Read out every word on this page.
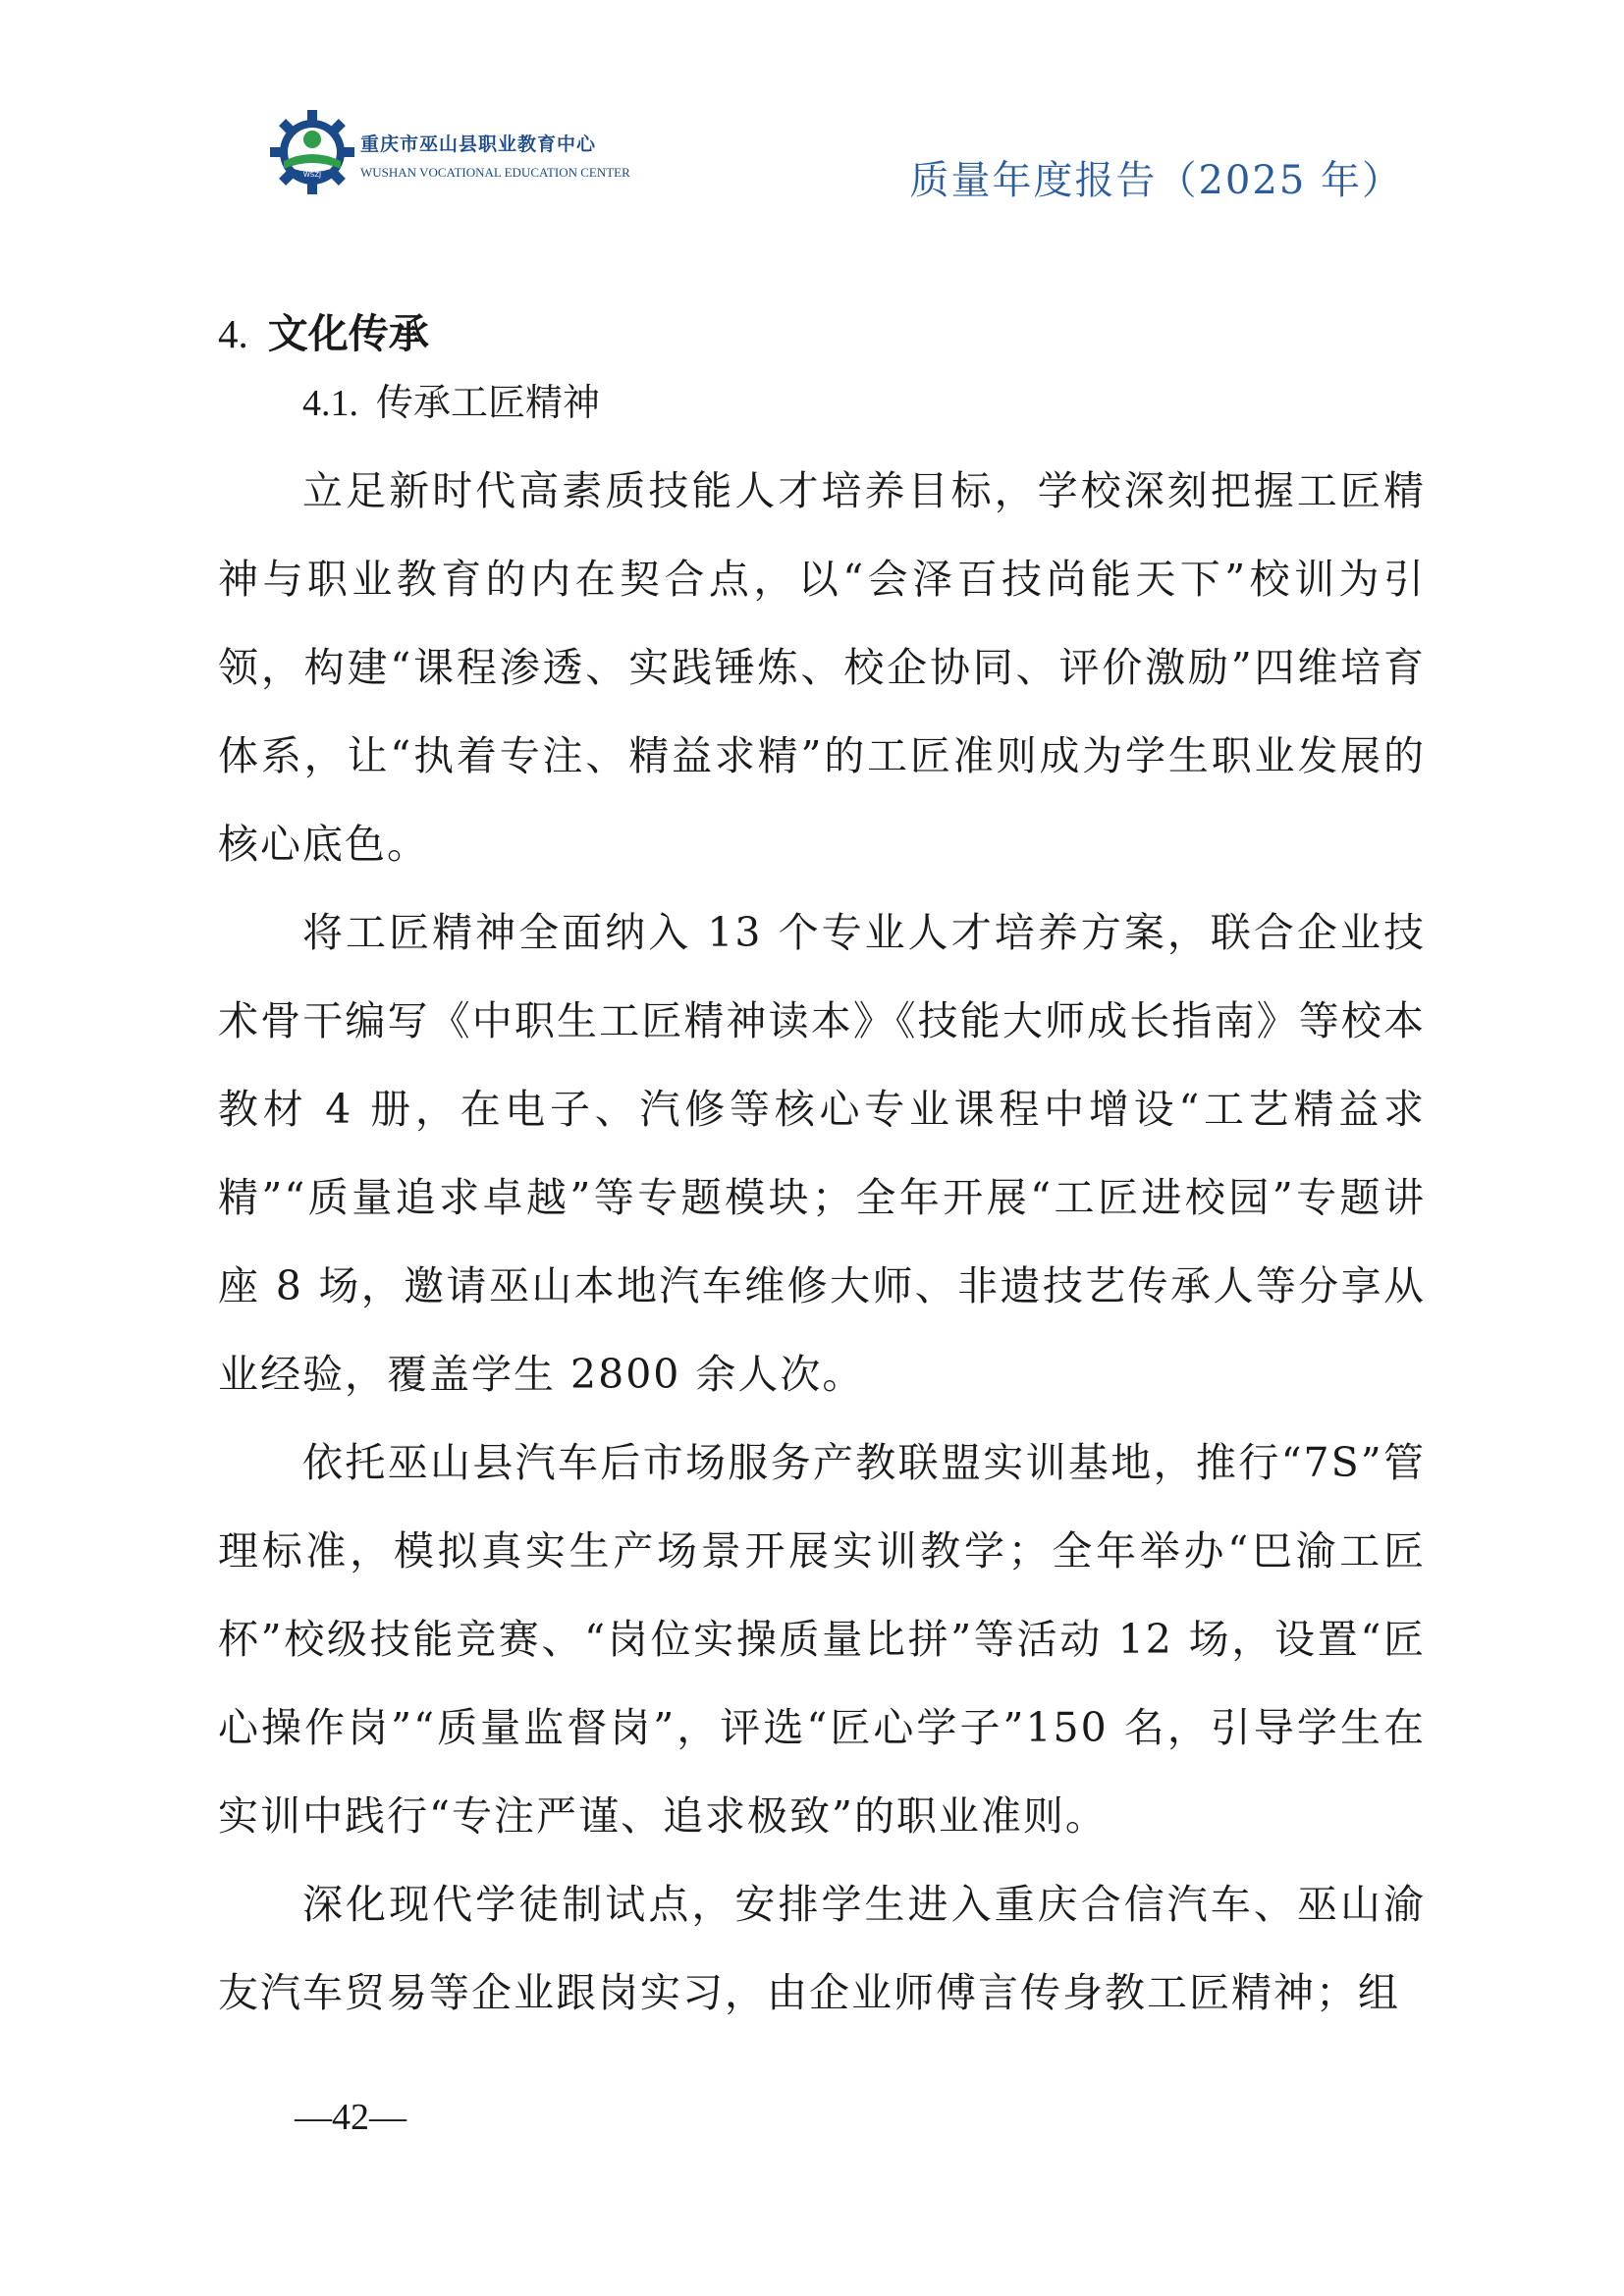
WSZJ
重庆市巫山县职业教育中心
WUSHAN VOCATIONAL EDUCATION CENTER	质量年度报告（2025 年）
4. 文化传承
4.1. 传承工匠精神

立足新时代高素质技能人才培养目标，学校深刻把握工匠精神与职业教育的内在契合点，以“会泽百技尚能天下”校训为引领，构建“课程渗透、实践锤炼、校企协同、评价激励”四维培育体系，让“执着专注、精益求精”的工匠准则成为学生职业发展的核心底色。

将工匠精神全面纳入 13 个专业人才培养方案，联合企业技术骨干编写《中职生工匠精神读本》《技能大师成长指南》等校本教材 4 册，在电子、汽修等核心专业课程中增设“工艺精益求精”“质量追求卓越”等专题模块；全年开展“工匠进校园”专题讲座 8 场，邀请巫山本地汽车维修大师、非遗技艺传承人等分享从业经验，覆盖学生 2800 余人次。

依托巫山县汽车后市场服务产教联盟实训基地，推行“7S”管理标准，模拟真实生产场景开展实训教学；全年举办“巴渝工匠杯”校级技能竞赛、“岗位实操质量比拼”等活动 12 场，设置“匠心操作岗”“质量监督岗”，评选“匠心学子”150 名，引导学生在实训中践行“专注严谨、追求极致”的职业准则。

深化现代学徒制试点，安排学生进入重庆合信汽车、巫山渝友汽车贸易等企业跟岗实习，由企业师傅言传身教工匠精神；组

—42—
